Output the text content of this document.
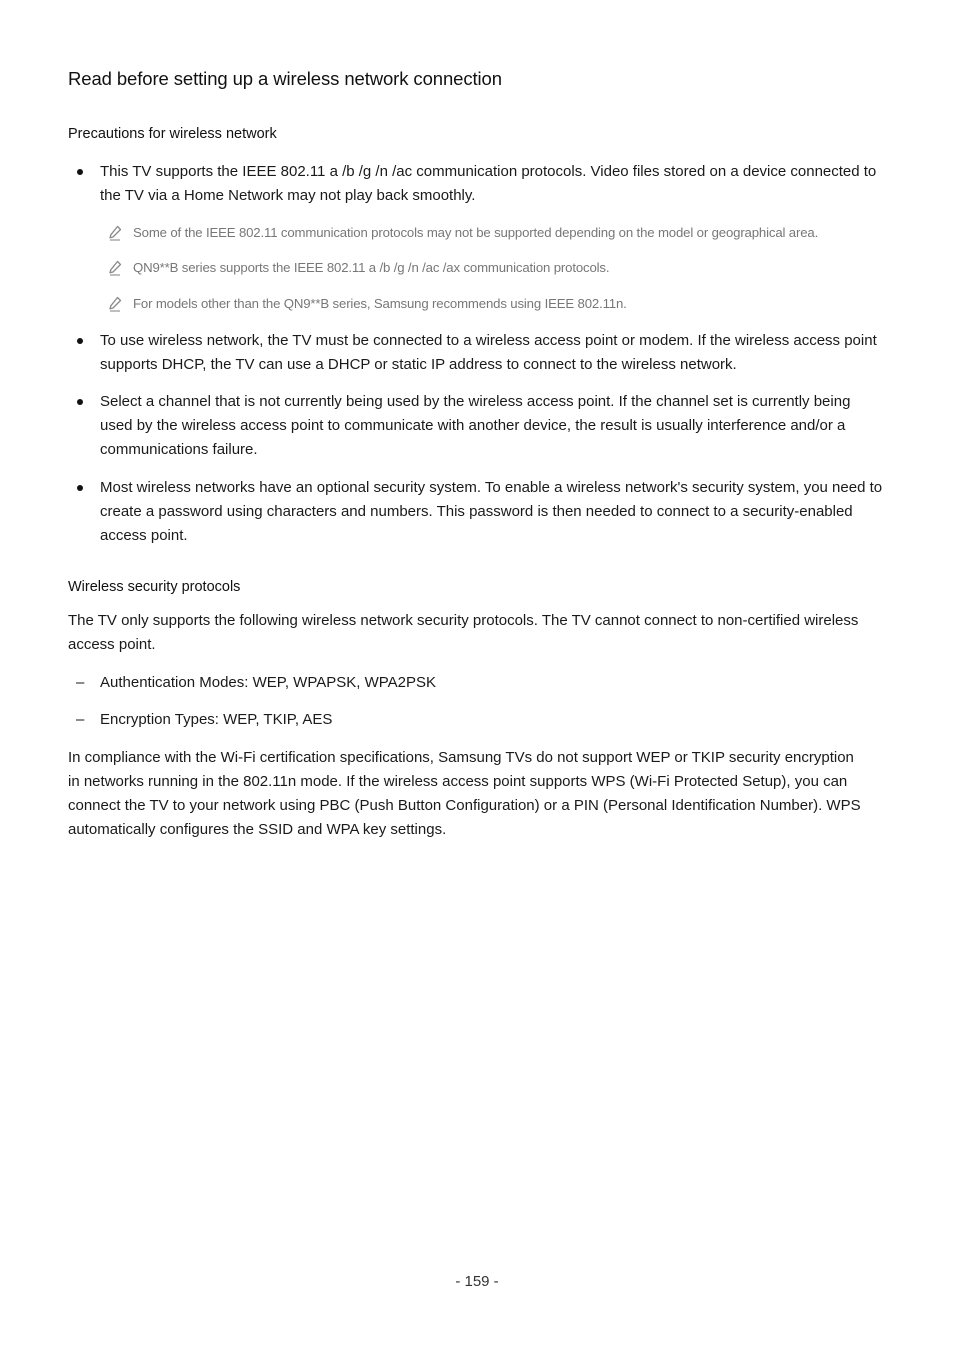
Read before setting up a wireless network connection
Precautions for wireless network
This TV supports the IEEE 802.11 a /b /g /n /ac communication protocols. Video files stored on a device connected to the TV via a Home Network may not play back smoothly.
Some of the IEEE 802.11 communication protocols may not be supported depending on the model or geographical area.
QN9**B series supports the IEEE 802.11 a /b /g /n /ac /ax communication protocols.
For models other than the QN9**B series, Samsung recommends using IEEE 802.11n.
To use wireless network, the TV must be connected to a wireless access point or modem. If the wireless access point supports DHCP, the TV can use a DHCP or static IP address to connect to the wireless network.
Select a channel that is not currently being used by the wireless access point. If the channel set is currently being used by the wireless access point to communicate with another device, the result is usually interference and/or a communications failure.
Most wireless networks have an optional security system. To enable a wireless network's security system, you need to create a password using characters and numbers. This password is then needed to connect to a security-enabled access point.
Wireless security protocols
The TV only supports the following wireless network security protocols. The TV cannot connect to non-certified wireless access point.
– Authentication Modes: WEP, WPAPSK, WPA2PSK
– Encryption Types: WEP, TKIP, AES
In compliance with the Wi-Fi certification specifications, Samsung TVs do not support WEP or TKIP security encryption in networks running in the 802.11n mode. If the wireless access point supports WPS (Wi-Fi Protected Setup), you can connect the TV to your network using PBC (Push Button Configuration) or a PIN (Personal Identification Number). WPS automatically configures the SSID and WPA key settings.
- 159 -
